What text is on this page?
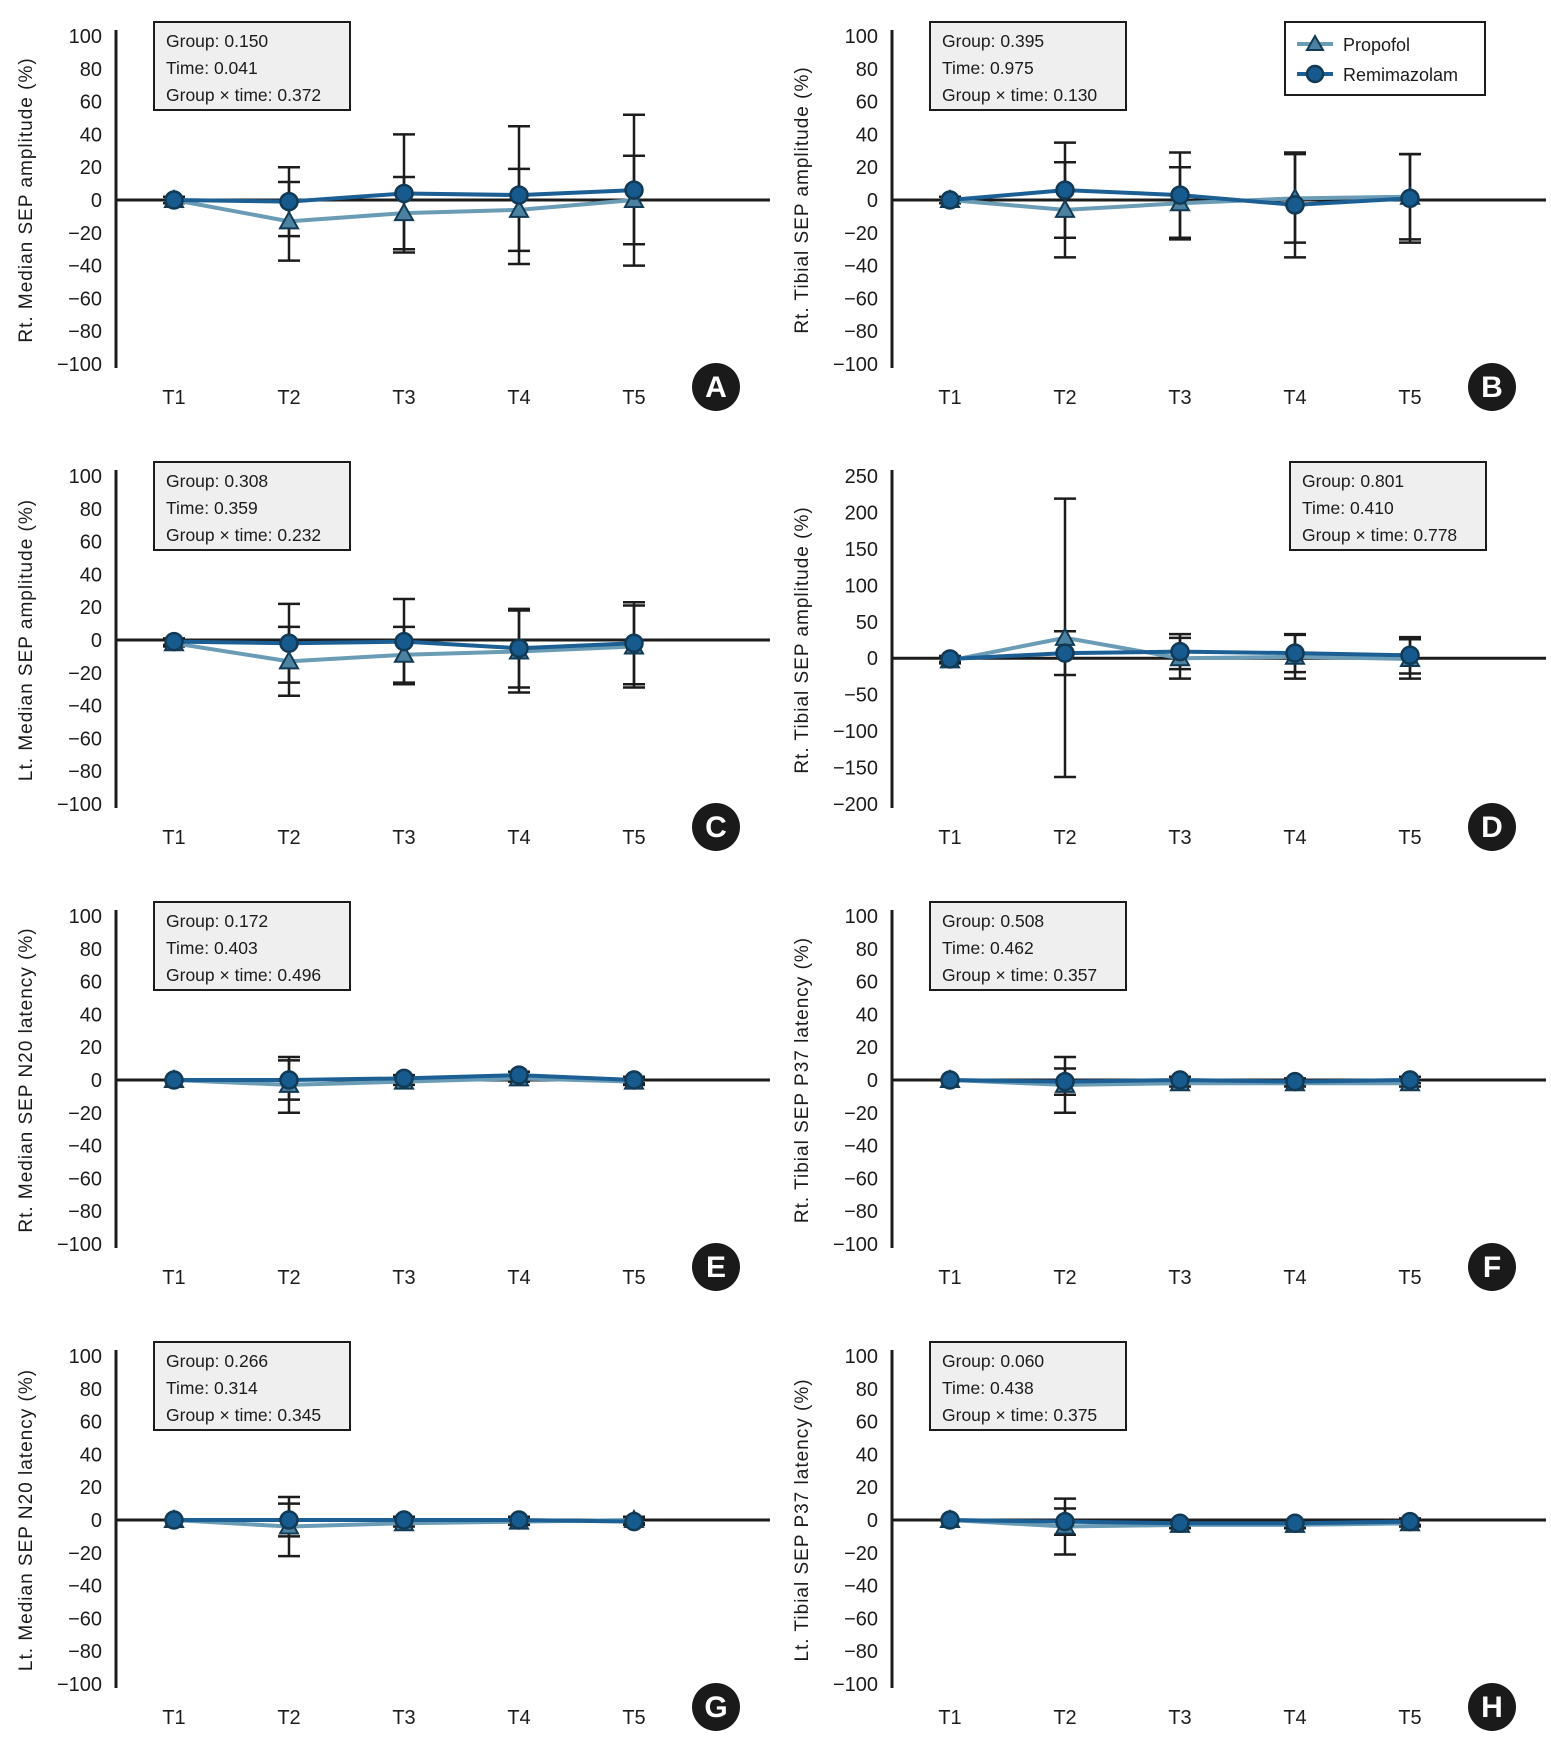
Group: 0.150
Time: 0.041
Group × time: 0.372
100
80
60
40
20
0
−20
−40
−60
−80
−100
Rt. Median SEP amplitude (%)
T1	T2	T3	T4	T5 A
Group: 0.395
Time: 0.975
Group × time: 0.130
Propofol
Remimazolam
100
80
60
40
20
0
−20
−40
−60
−80
−100
Rt. Tibial SEP amplitude (%)
T1	T2	T3	T4	T5 B
Group: 0.308
Time: 0.359
Group × time: 0.232
100
80
60
40
20
0
−20
−40
−60
−80
−100
Lt. Median SEP amplitude (%)
T1	T2	T3	T4	T5 C
Group: 0.801
Time: 0.410
Group × time: 0.778
250
200
150
100
50
0
−50
−100
−150
−200
Rt. Tibial SEP amplitude (%)
T1	T2	T3	T4	T5 D
Group: 0.172
Time: 0.403
Group × time: 0.496
100
80
60
40
20
0
−20
−40
−60
−80
−100
Rt. Median SEP N20 latency (%)
T1	T2	T3	T4	T5 E
Group: 0.508
Time: 0.462
Group × time: 0.357
100
80
60
40
20
0
−20
−40
−60
−80
−100
Rt. Tibial SEP P37 latency (%)
T1	T2	T3	T4	T5 F
Group: 0.266
Time: 0.314
Group × time: 0.345
100
80
60
40
20
0
−20
−40
−60
−80
−100
Lt. Median SEP N20 latency (%)
T1	T2	T3	T4	T5 G
Group: 0.060
Time: 0.438
Group × time: 0.375
100
80
60
40
20
0
−20
−40
−60
−80
−100
Lt. Tibial SEP P37 latency (%)
T1	T2	T3	T4	T5 H
